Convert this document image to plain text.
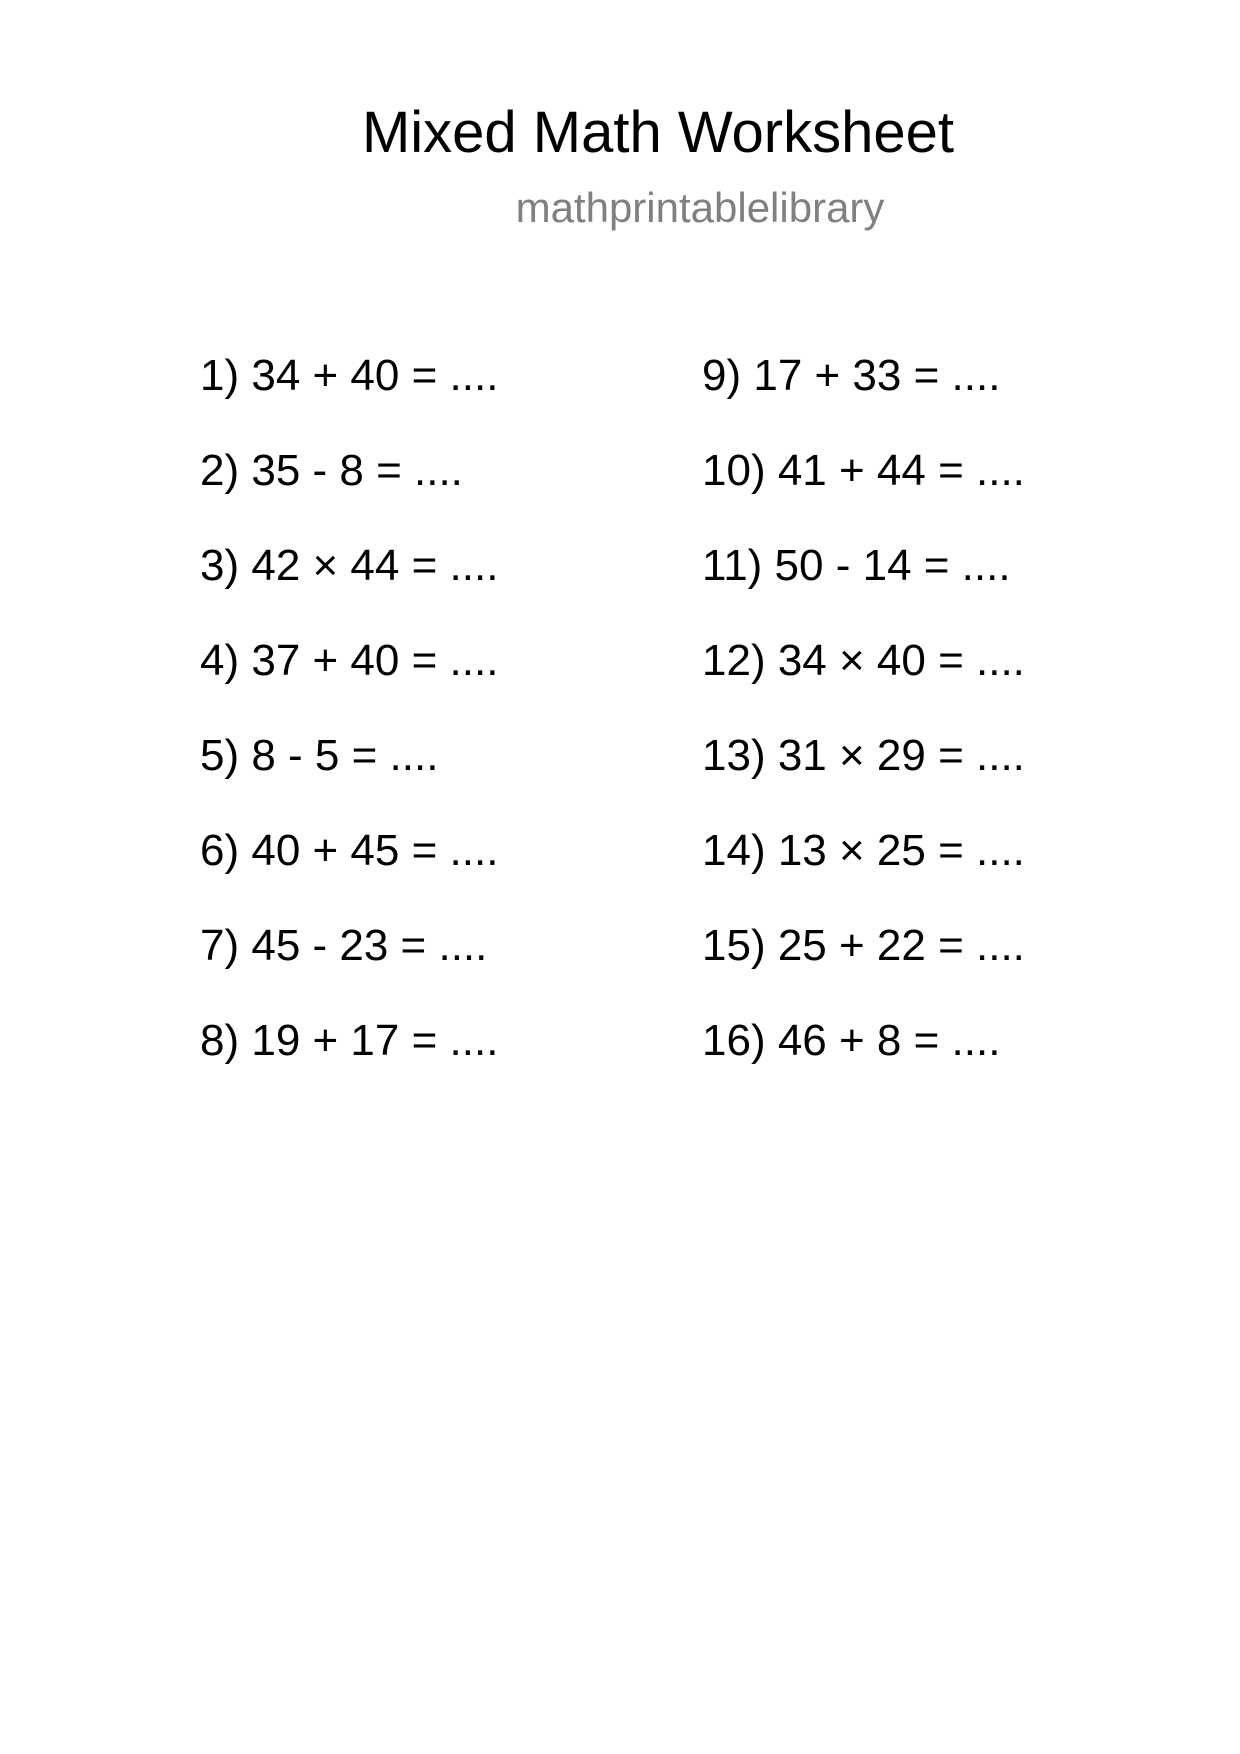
Mixed Math Worksheet
mathprintablelibrary
1) 34 + 40 = ....
2) 35 - 8 = ....
3) 42 × 44 = ....
4) 37 + 40 = ....
5) 8 - 5 = ....
6) 40 + 45 = ....
7) 45 - 23 = ....
8) 19 + 17 = ....
9) 17 + 33 = ....
10) 41 + 44 = ....
11) 50 - 14 = ....
12) 34 × 40 = ....
13) 31 × 29 = ....
14) 13 × 25 = ....
15) 25 + 22 = ....
16) 46 + 8 = ....
